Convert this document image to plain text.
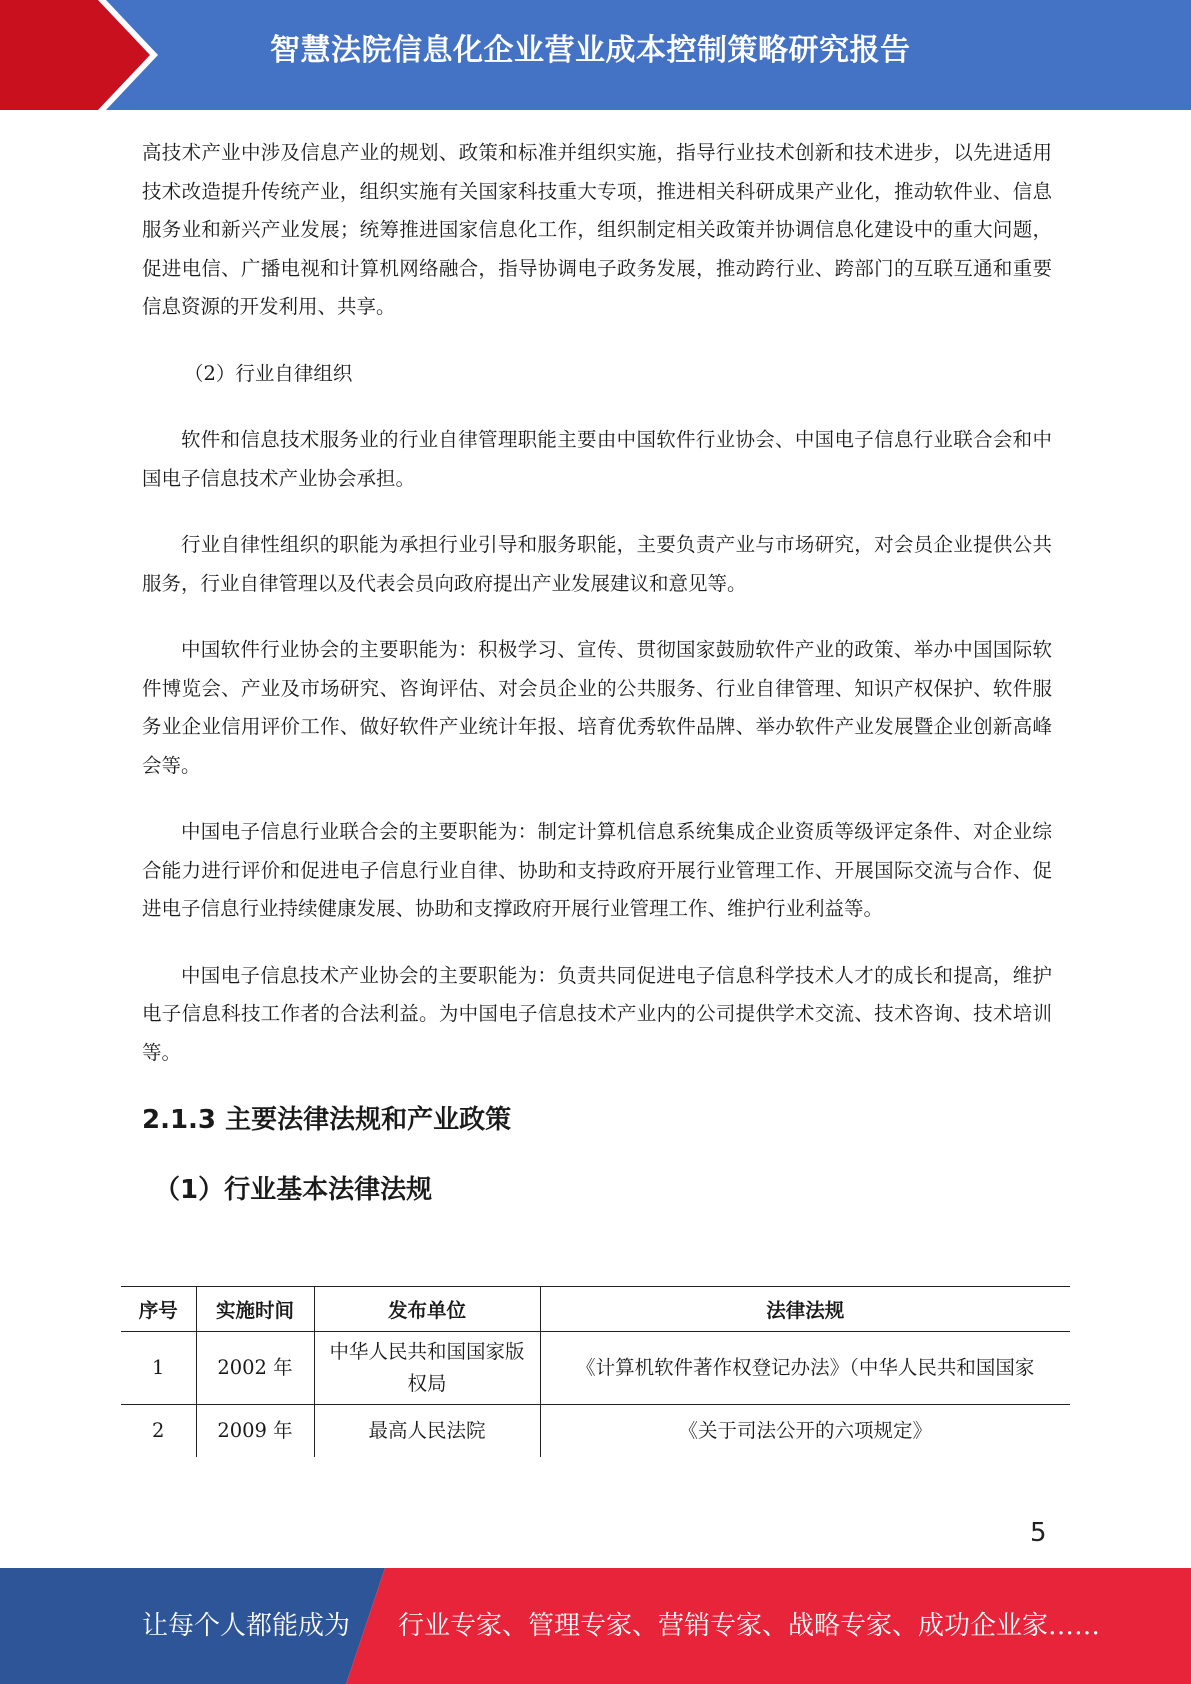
智慧法院信息化企业营业成本控制策略研究报告

高技术产业中涉及信息产业的规划、政策和标准并组织实施，指导行业技术创新和技术进步，以先进适用技术改造提升传统产业，组织实施有关国家科技重大专项，推进相关科研成果产业化，推动软件业、信息服务业和新兴产业发展；统筹推进国家信息化工作，组织制定相关政策并协调信息化建设中的重大问题，促进电信、广播电视和计算机网络融合，指导协调电子政务发展，推动跨行业、跨部门的互联互通和重要信息资源的开发利用、共享。

（2）行业自律组织

软件和信息技术服务业的行业自律管理职能主要由中国软件行业协会、中国电子信息行业联合会和中国电子信息技术产业协会承担。

行业自律性组织的职能为承担行业引导和服务职能，主要负责产业与市场研究，对会员企业提供公共服务，行业自律管理以及代表会员向政府提出产业发展建议和意见等。

中国软件行业协会的主要职能为：积极学习、宣传、贯彻国家鼓励软件产业的政策、举办中国国际软件博览会、产业及市场研究、咨询评估、对会员企业的公共服务、行业自律管理、知识产权保护、软件服务业企业信用评价工作、做好软件产业统计年报、培育优秀软件品牌、举办软件产业发展暨企业创新高峰会等。

中国电子信息行业联合会的主要职能为：制定计算机信息系统集成企业资质等级评定条件、对企业综合能力进行评价和促进电子信息行业自律、协助和支持政府开展行业管理工作、开展国际交流与合作、促进电子信息行业持续健康发展、协助和支撑政府开展行业管理工作、维护行业利益等。

中国电子信息技术产业协会的主要职能为：负责共同促进电子信息科学技术人才的成长和提高，维护电子信息科技工作者的合法利益。为中国电子信息技术产业内的公司提供学术交流、技术咨询、技术培训等。

2.1.3 主要法律法规和产业政策
（1）行业基本法律法规
序号	实施时间	发布单位	法律法规
1	2002 年	中华人民共和国国家版权局	《计算机软件著作权登记办法》（中华人民共和国国家
2	2009 年	最高人民法院	《关于司法公开的六项规定》
5
让每个人都能成为 行业专家、管理专家、营销专家、战略专家、成功企业家……
